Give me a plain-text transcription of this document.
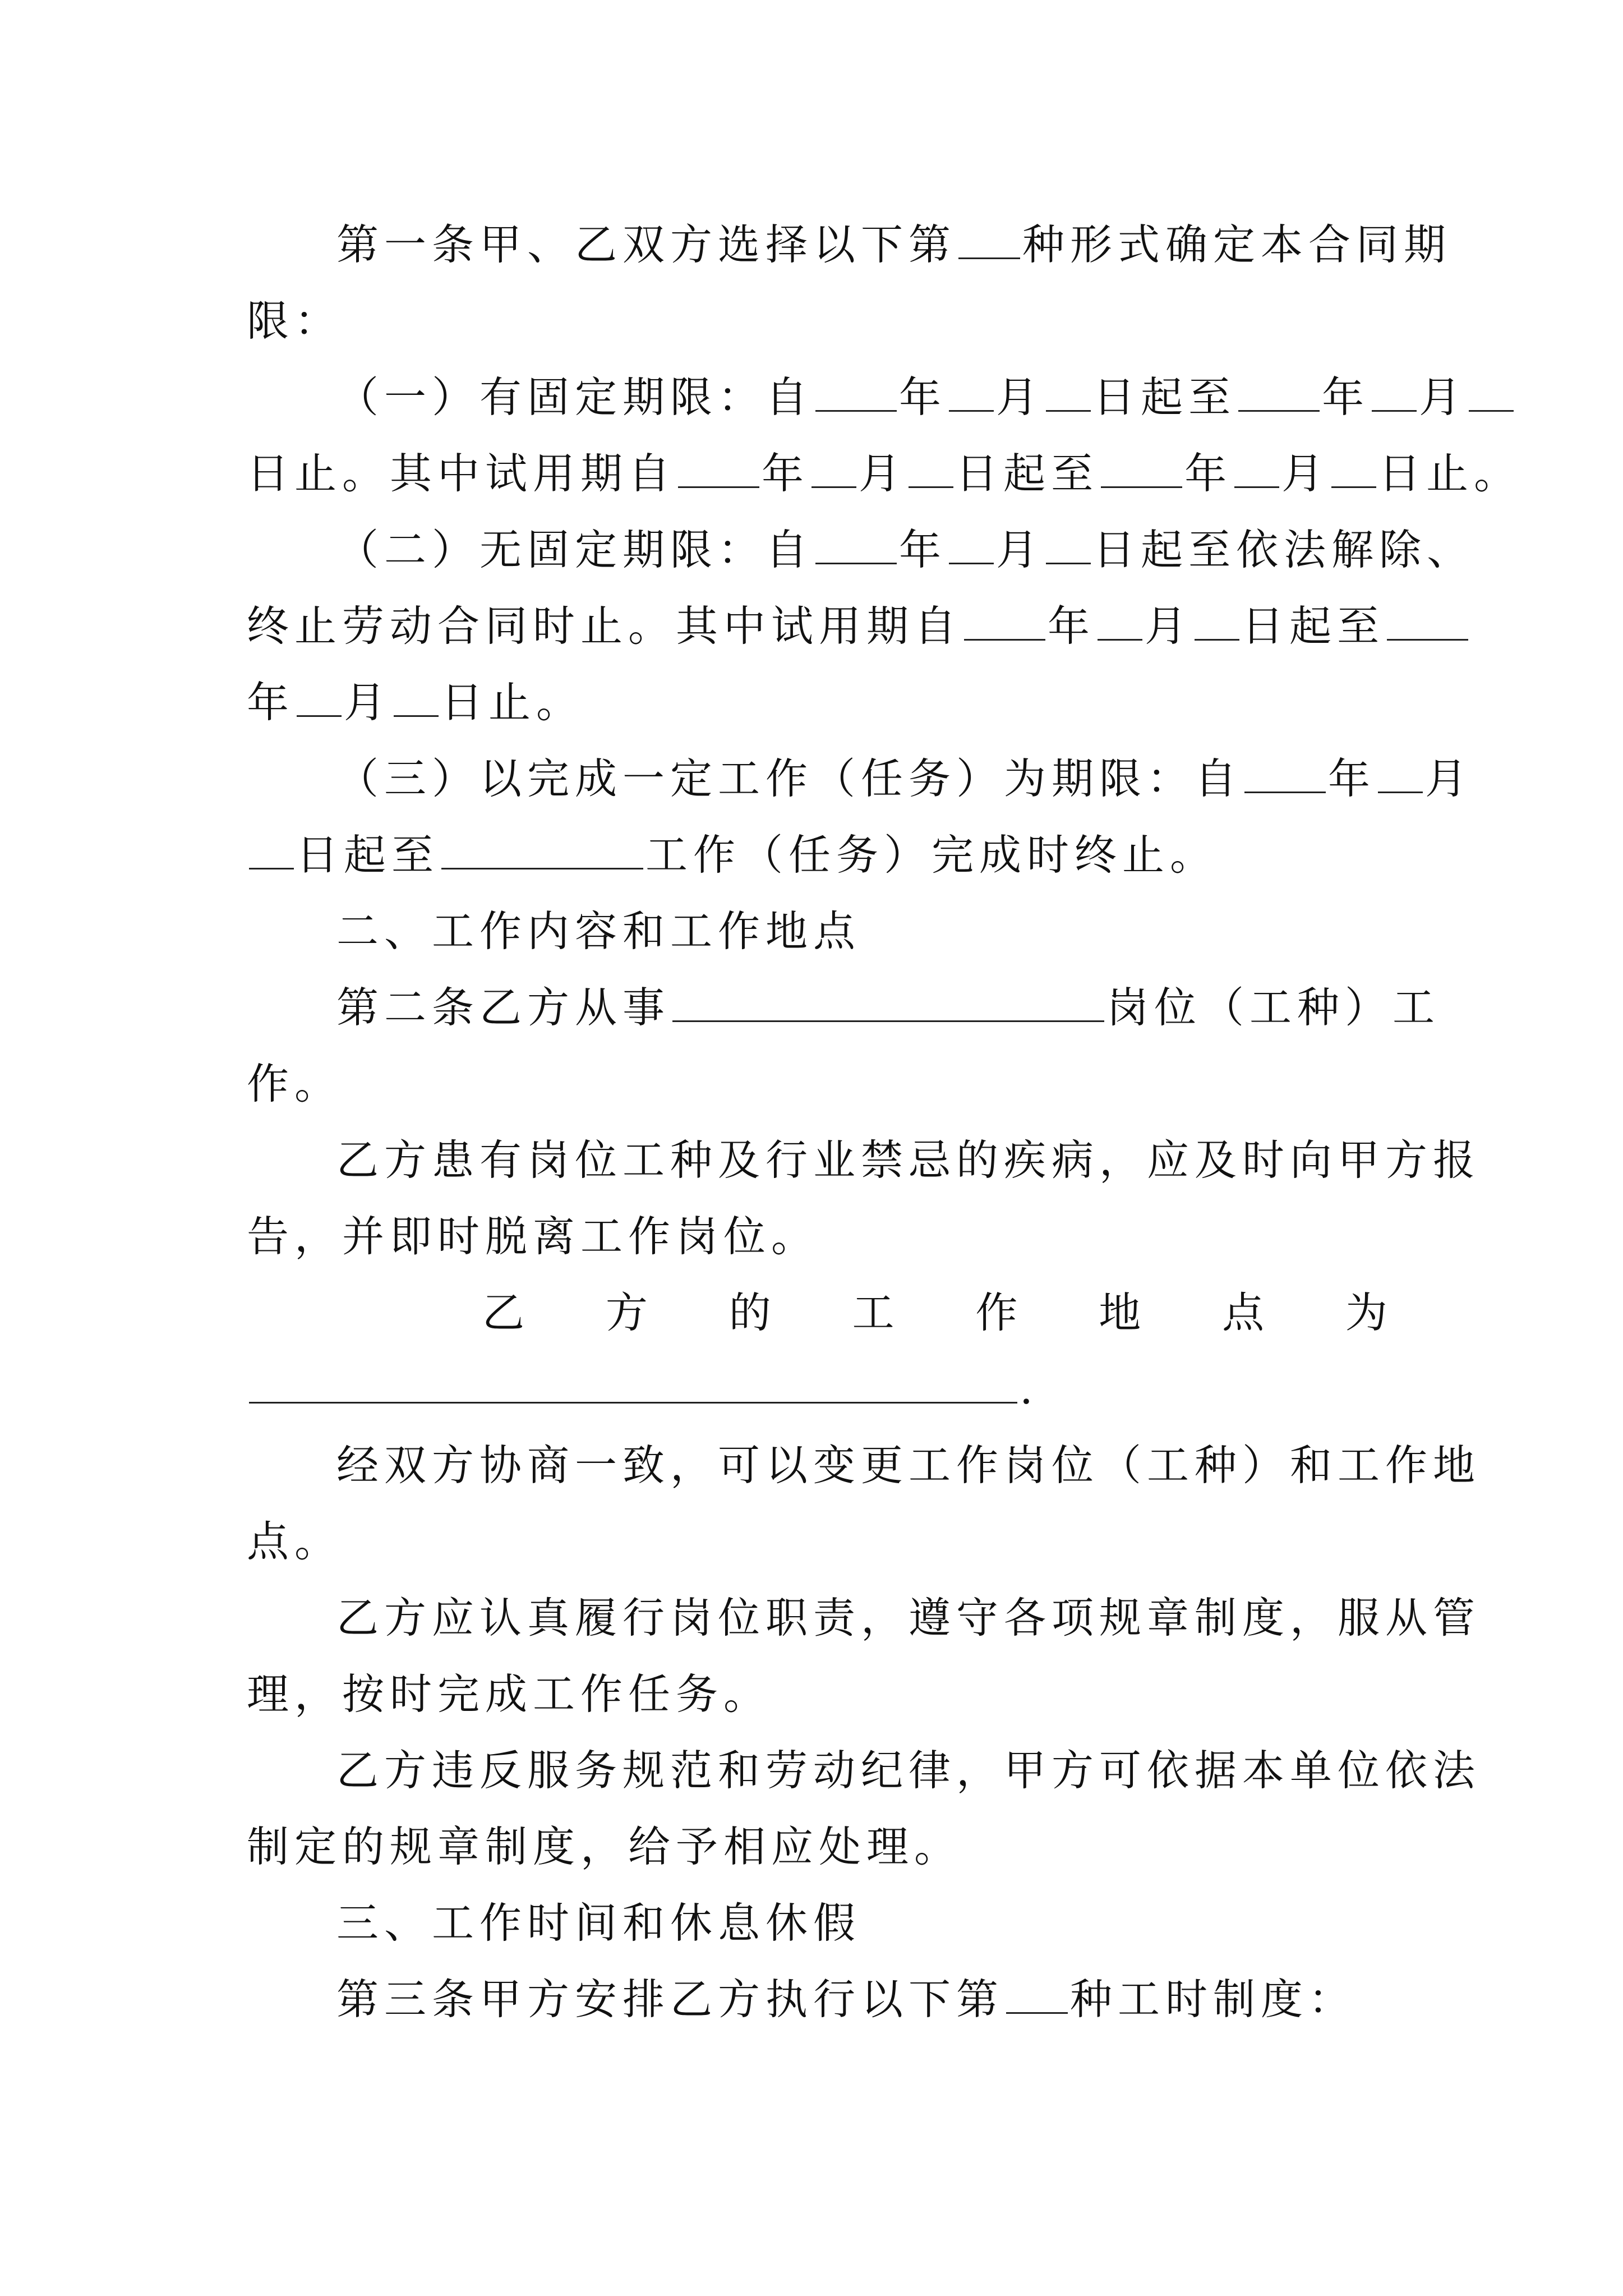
第一条甲、乙双方选择以下第 种形式确定本合同期
限：
（一）有固定期限：自 年 月 日起至 年 月
日止。其中试用期自 年 月 日起至 年 月 日止。
（二）无固定期限：自 年 月 日起至依法解除、
终止劳动合同时止。其中试用期自 年 月 日起至
年 月 日止。
（三）以完成一定工作（任务）为期限：自 年 月
日起至	工作（任务）完成时终止。
二、工作内容和工作地点
第二条乙方从事	岗位（工种）工
作。
乙方患有岗位工种及行业禁忌的疾病，应及时向甲方报
告，并即时脱离工作岗位。
乙 方 的 工 作 地 点 为
.
经双方协商一致，可以变更工作岗位（工种）和工作地
点。
乙方应认真履行岗位职责，遵守各项规章制度，服从管
理，按时完成工作任务。
乙方违反服务规范和劳动纪律，甲方可依据本单位依法
制定的规章制度，给予相应处理。
三、工作时间和休息休假
第三条甲方安排乙方执行以下第 种工时制度：
